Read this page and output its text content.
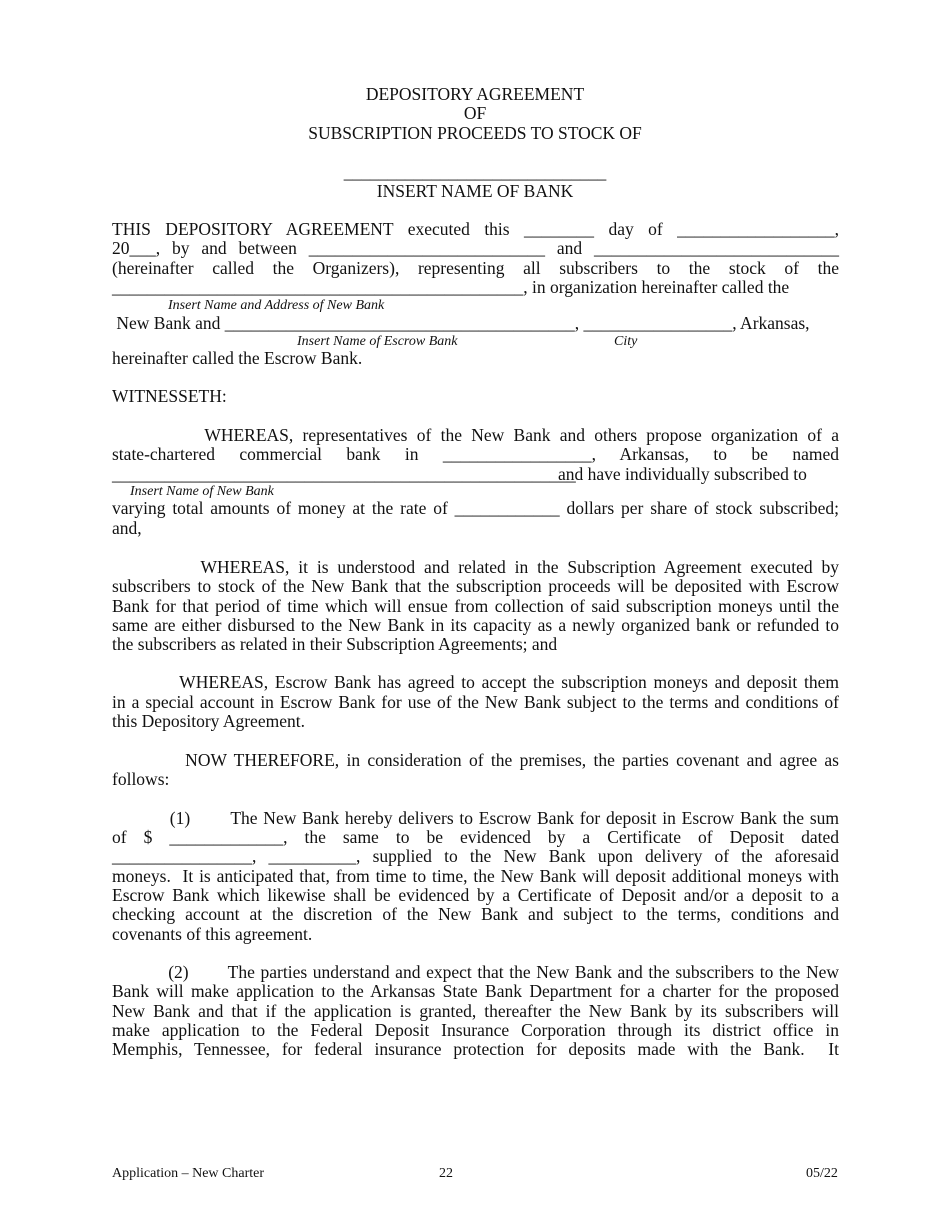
DEPOSITORY AGREEMENT
OF
SUBSCRIPTION PROCEEDS TO STOCK OF
______________________________
INSERT NAME OF BANK
THIS  DEPOSITORY  AGREEMENT  executed  this  ________  day  of  __________________,
20___,  by  and  between  ___________________________  and  ____________________________
(hereinafter  called  the  Organizers),  representing  all  subscribers  to  the  stock  of  the
_______________________________________________, in organization hereinafter called the
Insert Name and Address of New Bank
New Bank and ________________________________________, _________________, Arkansas,
Insert Name of Escrow Bank	City
hereinafter called the Escrow Bank.
WITNESSETH:
WHEREAS, representatives of the New Bank and others propose organization of a
state-chartered  commercial  bank  in  _________________,  Arkansas,  to  be  named
_____________________________________________________
and have individually subscribed to
Insert Name of New Bank
varying total amounts of money at the rate of ____________ dollars per share of stock subscribed;
and,
WHEREAS, it is understood and related in the Subscription Agreement executed by
subscribers to stock of the New Bank that the subscription proceeds will be deposited with Escrow
Bank for that period of time which will ensue from collection of said subscription moneys until the
same are either disbursed to the New Bank in its capacity as a newly organized bank or refunded to
the subscribers as related in their Subscription Agreements; and
WHEREAS, Escrow Bank has agreed to accept the subscription moneys and deposit them
in a special account in Escrow Bank for use of the New Bank subject to the terms and conditions of
this Depository Agreement.
NOW THEREFORE, in consideration of the premises, the parties covenant and agree as
follows:
(1)       The New Bank hereby delivers to Escrow Bank for deposit in Escrow Bank the sum
of  $  _____________,  the  same  to  be  evidenced  by  a  Certificate  of  Deposit  dated
________________,  __________,  supplied  to  the  New  Bank  upon  delivery  of  the  aforesaid
moneys.  It is anticipated that, from time to time, the New Bank will deposit additional moneys with
Escrow Bank which likewise shall be evidenced by a Certificate of Deposit and/or a deposit to a
checking account at the discretion of the New Bank and subject to the terms, conditions and
covenants of this agreement.
(2)       The parties understand and expect that the New Bank and the subscribers to the New
Bank will make application to the Arkansas State Bank Department for a charter for the proposed
New Bank and that if the application is granted, thereafter the New Bank by its subscribers will
make application to the Federal Deposit Insurance Corporation through its district office in
Memphis,  Tennessee,  for  federal  insurance  protection  for  deposits  made  with  the  Bank.    It
Application – New Charter	22	05/22
